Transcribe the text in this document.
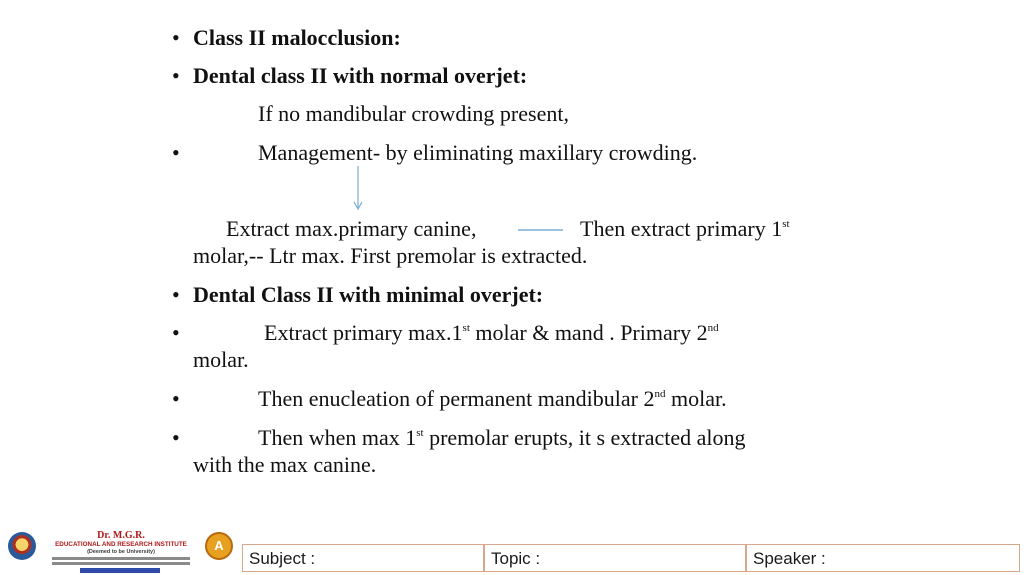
• Class II malocclusion:
• Dental class II with normal overjet:
If no mandibular crowding present,
•	Management- by eliminating maxillary crowding.
Extract max.primary canine,	Then extract primary 1st
molar,-- Ltr max. First premolar is extracted.
• Dental Class II with minimal overjet:
•	Extract primary max.1st molar & mand . Primary 2nd
molar.
•	Then enucleation of permanent mandibular 2nd molar.
•	Then when max 1st premolar erupts, it s extracted along
with the max canine.
Dr. M.G.R.
EDUCATIONAL AND RESEARCH INSTITUTE
(Deemed to be University)	A
Subject :	Topic :	Speaker :
